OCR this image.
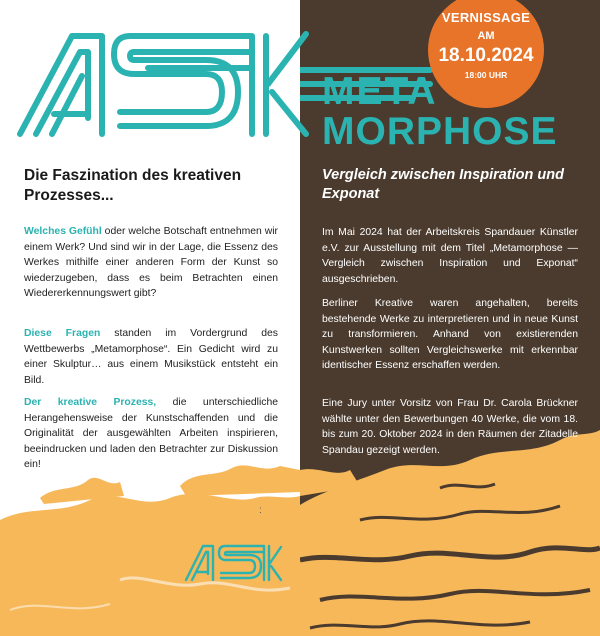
VERNISSAGE
AM
18.10.2024
18:00 UHR
META
MORPHOSE
Die Faszination des kreativen Prozesses...
Welches Gefühl oder welche Botschaft entnehmen wir einem Werk? Und sind wir in der Lage, die Essenz des Werkes mithilfe einer anderen Form der Kunst so wiederzugeben, dass es beim Betrachten einen Wiedererkennungswert gibt?
Diese Fragen standen im Vordergrund des Wettbewerbs „Metamorphose“. Ein Gedicht wird zu einer Skulptur… aus einem Musikstück entsteht ein Bild.
Der kreative Prozess, die unterschiedliche Herangehensweise der Kunstschaffenden und die Originalität der ausgewählten Arbeiten inspirieren, beeindrucken und laden den Betrachter zur Diskussion ein!
:
Vergleich zwischen Inspiration und Exponat
Im Mai 2024 hat der Arbeitskreis Spandauer Künstler e.V. zur Ausstellung mit dem Titel „Metamorphose — Vergleich zwischen Inspiration und Exponat“ ausgeschrieben.
Berliner Kreative waren angehalten, bereits bestehende Werke zu interpretieren und in neue Kunst zu transformieren. Anhand von existierenden Kunstwerken sollten Vergleichswerke mit erkennbar identischer Essenz erschaffen werden.
Eine Jury unter Vorsitz von Frau Dr. Carola Brückner wählte unter den Bewerbungen 40 Werke, die vom 18. bis zum 20. Oktober 2024 in den Räumen der Zitadelle Spandau gezeigt werden.
